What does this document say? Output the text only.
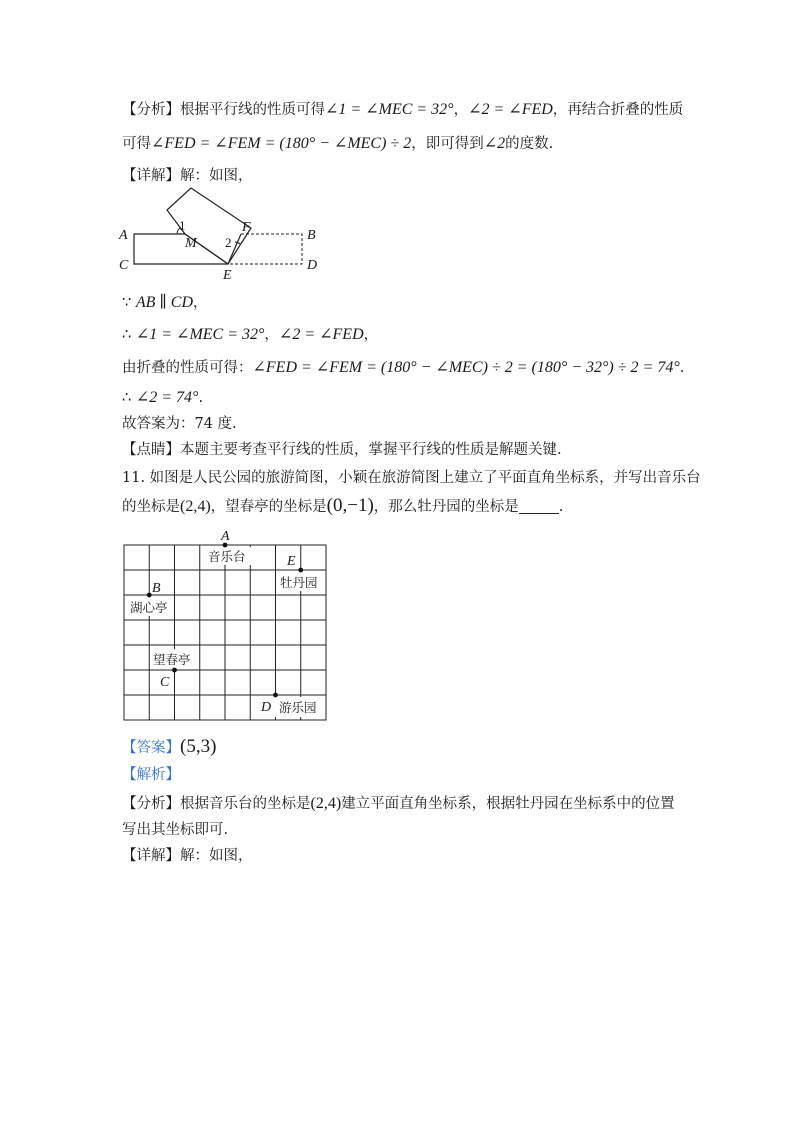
【分析】根据平行线的性质可得∠1 = ∠MEC = 32°，∠2 = ∠FED，再结合折叠的性质
可得∠FED = ∠FEM = (180° − ∠MEC) ÷ 2，即可得到∠2的度数.
【详解】解：如图，
A	B
C	D
E
F
M
1
2
∵ AB ∥ CD，
∴ ∠1 = ∠MEC = 32°，∠2 = ∠FED，
由折叠的性质可得：∠FED = ∠FEM = (180° − ∠MEC) ÷ 2 = (180° − 32°) ÷ 2 = 74°.
∴ ∠2 = 74°.
故答案为：74 度.
【点睛】本题主要考查平行线的性质，掌握平行线的性质是解题关键.
11. 如图是人民公园的旅游简图，小颖在旅游简图上建立了平面直角坐标系，并写出音乐台
的坐标是(2,4)，望春亭的坐标是(0,−1)，那么牡丹园的坐标是	.
A
E
B
C
D
音乐台
牡丹园
湖心亭
望春亭
游乐园
【答案】(5,3)
【解析】
【分析】根据音乐台的坐标是(2,4)建立平面直角坐标系，根据牡丹园在坐标系中的位置
写出其坐标即可.
【详解】解：如图，
